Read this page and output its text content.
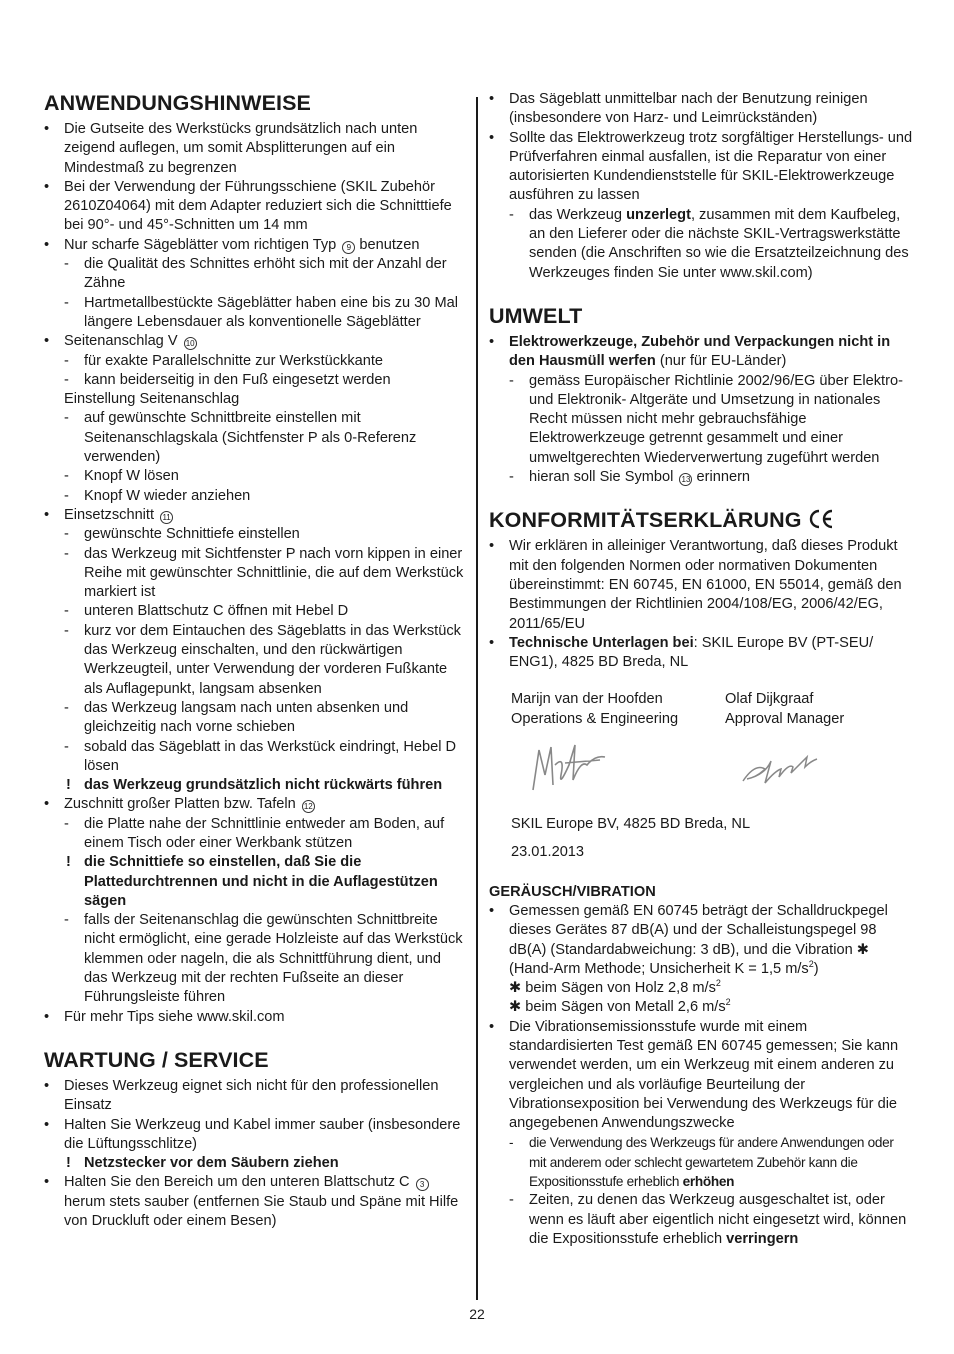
ANWENDUNGSHINWEISE
• Die Gutseite des Werkstücks grundsätzlich nach unten zeigend auflegen, um somit Absplitterungen auf ein Mindestmaß zu begrenzen
• Bei der Verwendung der Führungsschiene (SKIL Zubehör 2610Z04064) mit dem Adapter reduziert sich die Schnitttiefe bei 90°- und 45°-Schnitten um 14 mm
• Nur scharfe Sägeblätter vom richtigen Typ 9 benutzen
- die Qualität des Schnittes erhöht sich mit der Anzahl der Zähne
- Hartmetallbestückte Sägeblätter haben eine bis zu 30 Mal längere Lebensdauer als konventionelle Sägeblätter
• Seitenanschlag V 10
- für exakte Parallelschnitte zur Werkstückkante
- kann beiderseitig in den Fuß eingesetzt werden
Einstellung Seitenanschlag
- auf gewünschte Schnittbreite einstellen mit Seitenanschlagskala (Sichtfenster P als 0-Referenz verwenden)
- Knopf W lösen
- Knopf W wieder anziehen
• Einsetzschnitt 11
- gewünschte Schnittiefe einstellen
- das Werkzeug mit Sichtfenster P nach vorn kippen in einer Reihe mit gewünschter Schnittlinie, die auf dem Werkstück markiert ist
- unteren Blattschutz C öffnen mit Hebel D
- kurz vor dem Eintauchen des Sägeblatts in das Werkstück das Werkzeug einschalten, und den rückwärtigen Werkzeugteil, unter Verwendung der vorderen Fußkante als Auflagepunkt, langsam absenken
- das Werkzeug langsam nach unten absenken und gleichzeitig nach vorne schieben
- sobald das Sägeblatt in das Werkstück eindringt, Hebel D lösen
! das Werkzeug grundsätzlich nicht rückwärts führen
• Zuschnitt großer Platten bzw. Tafeln 12
- die Platte nahe der Schnittlinie entweder am Boden, auf einem Tisch oder einer Werkbank stützen
! die Schnittiefe so einstellen, daß Sie die Plattedurchtrennen und nicht in die Auflagestützen sägen
- falls der Seitenanschlag die gewünschten Schnittbreite nicht ermöglicht, eine gerade Holzleiste auf das Werkstück klemmen oder nageln, die als Schnittführung dient, und das Werkzeug mit der rechten Fußseite an dieser Führungsleiste führen
• Für mehr Tips siehe www.skil.com
WARTUNG / SERVICE
• Dieses Werkzeug eignet sich nicht für den professionellen Einsatz
• Halten Sie Werkzeug und Kabel immer sauber (insbesondere die Lüftungsschlitze)
! Netzstecker vor dem Säubern ziehen
• Halten Sie den Bereich um den unteren Blattschutz C 3 herum stets sauber (entfernen Sie Staub und Späne mit Hilfe von Druckluft oder einem Besen)
• Das Sägeblatt unmittelbar nach der Benutzung reinigen (insbesondere von Harz- und Leimrückständen)
• Sollte das Elektrowerkzeug trotz sorgfältiger Herstellungs- und Prüfverfahren einmal ausfallen, ist die Reparatur von einer autorisierten Kundendienststelle für SKIL-Elektrowerkzeuge ausführen zu lassen
- das Werkzeug unzerlegt, zusammen mit dem Kaufbeleg, an den Lieferer oder die nächste SKIL-Vertragswerkstätte senden (die Anschriften so wie die Ersatzteilzeichnung des Werkzeuges finden Sie unter www.skil.com)
UMWELT
• Elektrowerkzeuge, Zubehör und Verpackungen nicht in den Hausmüll werfen (nur für EU-Länder)
- gemäss Europäischer Richtlinie 2002/96/EG über Elektro- und Elektronik- Altgeräte und Umsetzung in nationales Recht müssen nicht mehr gebrauchsfähige Elektrowerkzeuge getrennt gesammelt und einer umweltgerechten Wiederverwertung zugeführt werden
- hieran soll Sie Symbol 13 erinnern
KONFORMITÄTSERKLÄRUNG
• Wir erklären in alleiniger Verantwortung, daß dieses Produkt mit den folgenden Normen oder normativen Dokumenten übereinstimmt: EN 60745, EN 61000, EN 55014, gemäß den Bestimmungen der Richtlinien 2004/108/EG, 2006/42/EG, 2011/65/EU
• Technische Unterlagen bei: SKIL Europe BV (PT-SEU/ ENG1), 4825 BD Breda, NL
Marijn van der Hoofden	Olaf Dijkgraaf
Operations & Engineering	Approval Manager
SKIL Europe BV, 4825 BD Breda, NL
23.01.2013
GERÄUSCH/VIBRATION
• Gemessen gemäß EN 60745 beträgt der Schalldruckpegel dieses Gerätes 87 dB(A) und der Schalleistungspegel 98 dB(A) (Standardabweichung: 3 dB), und die Vibration ✱ (Hand-Arm Methode; Unsicherheit K = 1,5 $m/s^2$)
✱ beim Sägen von Holz 2,8 $m/s^2$
✱ beim Sägen von Metall 2,6 $m/s^2$
• Die Vibrationsemissionsstufe wurde mit einem standardisierten Test gemäß EN 60745 gemessen; Sie kann verwendet werden, um ein Werkzeug mit einem anderen zu vergleichen und als vorläufige Beurteilung der Vibrationsexposition bei Verwendung des Werkzeugs für die angegebenen Anwendungszwecke
- die Verwendung des Werkzeugs für andere Anwendungen oder mit anderem oder schlecht gewartetem Zubehör kann die Expositionsstufe erheblich erhöhen
- Zeiten, zu denen das Werkzeug ausgeschaltet ist, oder wenn es läuft aber eigentlich nicht eingesetzt wird, können die Expositionsstufe erheblich verringern
22
